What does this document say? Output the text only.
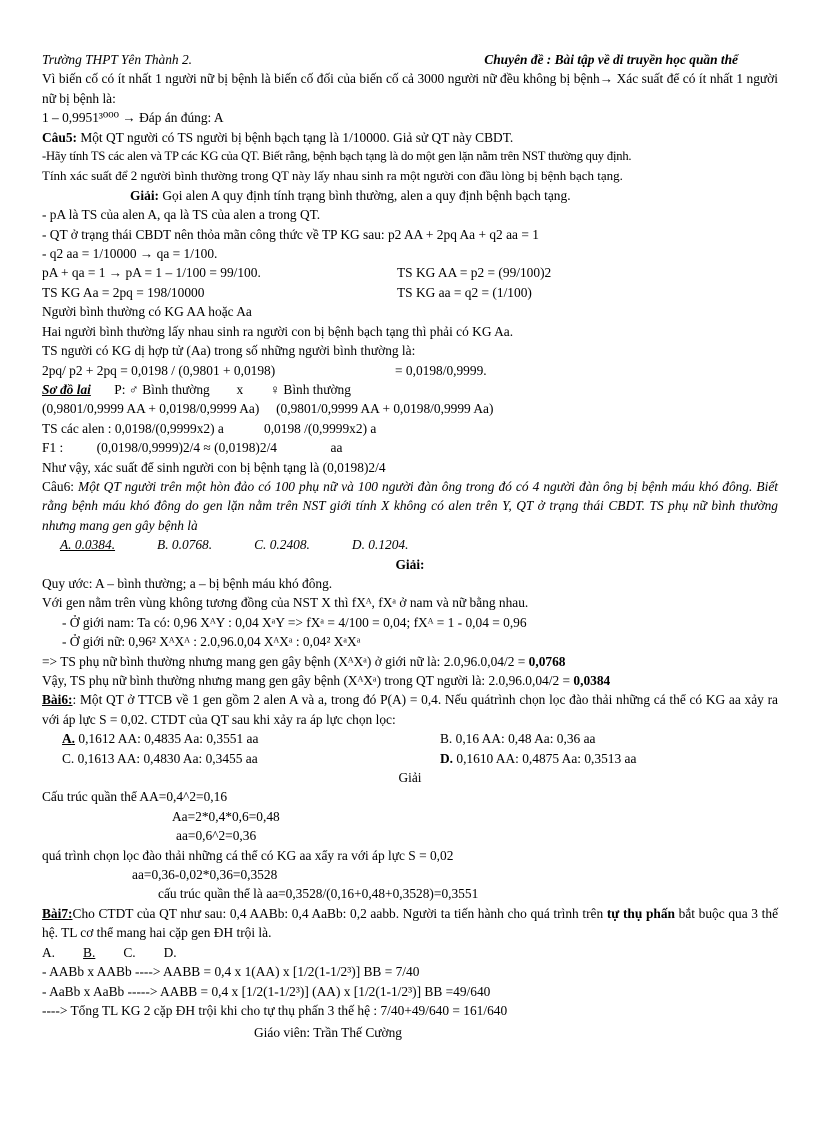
Trường THPT Yên Thành 2.	Chuyên đề : Bài tập về di truyền học quần thể
Vì biến cố có ít nhất 1 người nữ bị bệnh là biến cố đối của biến cố cả 3000 người nữ đều không bị bệnh→ Xác suất để có ít nhất 1 người nữ bị bệnh là:
1 – 0,9951³⁰⁰⁰ → Đáp án đúng: A
Câu5: Một QT người có TS người bị bệnh bạch tạng là 1/10000. Giả sử QT này CBDT.
-Hãy tính TS các alen và TP các KG của QT. Biết rằng, bệnh bạch tạng là do một gen lặn nằm trên NST thường quy định.
Tính xác suất để 2 người bình thường trong QT này lấy nhau sinh ra một người con đầu lòng bị bệnh bạch tạng.
Giải: Gọi alen A quy định tính trạng bình thường, alen a quy định bệnh bạch tạng.
- pA là TS của alen A, qa là TS của alen a trong QT.
- QT ở trạng thái CBDT nên thỏa mãn công thức về TP KG sau: p2 AA + 2pq Aa + q2 aa = 1
- q2 aa = 1/10000 → qa = 1/100.
pA + qa = 1 → pA = 1 – 1/100 = 99/100.	TS KG AA = p2 = (99/100)2
TS KG Aa = 2pq = 198/10000	TS KG aa = q2 = (1/100)
Người bình thường có KG AA hoặc Aa
Hai người bình thường lấy nhau sinh ra người con bị bệnh bạch tạng thì phải có KG Aa.
TS người có KG dị hợp tử (Aa) trong số những người bình thường là:
2pq/ p2 + 2pq = 0,0198 / (0,9801 + 0,0198)	= 0,0198/0,9999.
Sơ đồ lai P: ♂ Bình thường        x        ♀ Bình thường
(0,9801/0,9999 AA + 0,0198/0,9999 Aa)     (0,9801/0,9999 AA + 0,0198/0,9999 Aa)
TS các alen : 0,0198/(0,9999x2) a            0,0198 /(0,9999x2) a
F1 :          (0,0198/0,9999)2/4 ≈ (0,0198)2/4                aa
Như vậy, xác suất để sinh người con bị bệnh tạng là (0,0198)2/4
Câu6: Một QT người trên một hòn đảo có 100 phụ nữ và 100 người đàn ông trong đó có 4 người đàn ông bị bệnh máu khó đông. Biết rằng bệnh máu khó đông do gen lặn nằm trên NST giới tính X không có alen trên Y, QT ở trạng thái CBDT. TS phụ nữ bình thường nhưng mang gen gây bệnh là
A. 0.0384.	B. 0.0768.	C. 0.2408.	D. 0.1204.
Giải:
Quy ước: A – bình thường; a – bị bệnh máu khó đông.
Với gen nằm trên vùng không tương đồng của NST X thì fXᴬ, fXᵃ ở nam và nữ bằng nhau.
- Ở giới nam: Ta có: 0,96 XᴬY : 0,04 XᵃY => fXᵃ = 4/100 = 0,04; fXᴬ = 1 - 0,04 = 0,96
- Ở giới nữ: 0,96² XᴬXᴬ : 2.0,96.0,04 XᴬXᵃ : 0,04² XᵃXᵃ
=> TS phụ nữ bình thường nhưng mang gen gây bệnh (XᴬXᵃ) ở giới nữ là: 2.0,96.0,04/2 = 0,0768
Vậy, TS phụ nữ bình thường nhưng mang gen gây bệnh (XᴬXᵃ) trong QT người là: 2.0,96.0,04/2 = 0,0384
Bài6:: Một QT ở TTCB về 1 gen gồm 2 alen A và a, trong đó P(A) = 0,4. Nếu quátrình chọn lọc đào thải những cá thể có KG aa xảy ra với áp lực S = 0,02. CTDT của QT sau khi xảy ra áp lực chọn lọc:
A. 0,1612 AA: 0,4835 Aa: 0,3551 aa	B. 0,16 AA: 0,48 Aa: 0,36 aa
C. 0,1613 AA: 0,4830 Aa: 0,3455 aa	D. 0,1610 AA: 0,4875 Aa: 0,3513 aa
Giải
Cấu trúc quần thể AA=0,4^2=0,16
Aa=2*0,4*0,6=0,48
aa=0,6^2=0,36
quá trình chọn lọc đào thải những cá thể có KG aa xẩy ra với áp lực S = 0,02
aa=0,36-0,02*0,36=0,3528
cấu trúc quần thể là aa=0,3528/(0,16+0,48+0,3528)=0,3551
Bài7:Cho CTDT của QT như sau: 0,4 AABb: 0,4 AaBb: 0,2 aabb. Người ta tiến hành cho quá trình trên tự thụ phấn bắt buộc qua 3 thế hệ. TL cơ thể mang hai cặp gen ĐH trội là.
A. B. C. D.
- AABb x AABb ----> AABB = 0,4 x 1(AA) x [1/2(1-1/2³)] BB = 7/40
- AaBb x AaBb -----> AABB = 0,4 x [1/2(1-1/2³)] (AA) x [1/2(1-1/2³)] BB =49/640
----> Tổng TL KG 2 cặp ĐH trội khi cho tự thụ phấn 3 thế hệ : 7/40+49/640 = 161/640
Giáo viên: Trần Thế Cường
